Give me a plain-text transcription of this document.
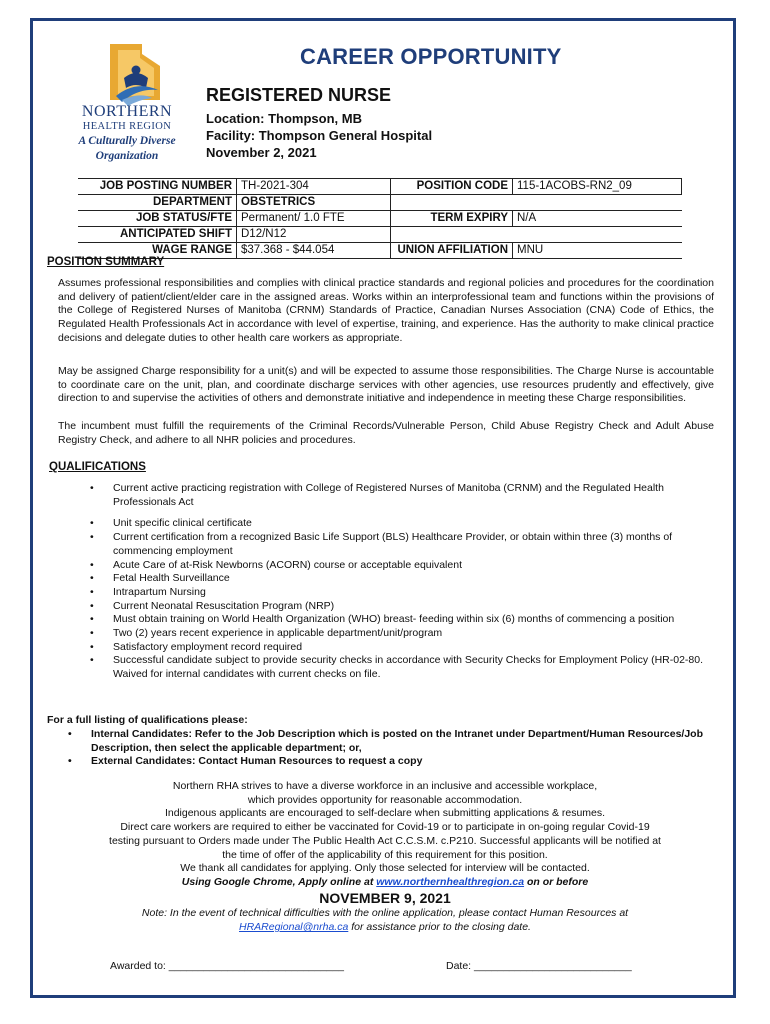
NORTHERN
HEALTH REGION
A Culturally Diverse
Organization
CAREER OPPORTUNITY
REGISTERED NURSE
Location: Thompson, MB
Facility: Thompson General Hospital
November 2, 2021
JOB POSTING NUMBER	TH-2021-304	POSITION CODE	115-1ACOBS-RN2_09
DEPARTMENT	OBSTETRICS		
JOB STATUS/FTE	Permanent/ 1.0 FTE	TERM EXPIRY	N/A
ANTICIPATED SHIFT	D12/N12		
WAGE RANGE	$37.368 - $44.054	UNION AFFILIATION	MNU
POSITION SUMMARY
Assumes professional responsibilities and complies with clinical practice standards and regional policies and procedures for the coordination and delivery of patient/client/elder care in the assigned areas. Works within an interprofessional team and functions within the provisions of the College of Registered Nurses of Manitoba (CRNM) Standards of Practice, Canadian Nurses Association (CNA) Code of Ethics, the Regulated Health Professionals Act in accordance with level of expertise, training, and experience. Has the authority to make clinical practice decisions and delegate duties to other health care workers as appropriate.
May be assigned Charge responsibility for a unit(s) and will be expected to assume those responsibilities. The Charge Nurse is accountable to coordinate care on the unit, plan, and coordinate discharge services with other agencies, use resources prudently and effectively, give direction to and supervise the activities of others and demonstrate initiative and independence in meeting these Charge responsibilities.
The incumbent must fulfill the requirements of the Criminal Records/Vulnerable Person, Child Abuse Registry Check and Adult Abuse Registry Check, and adhere to all NHR policies and procedures.
QUALIFICATIONS
• Current active practicing registration with College of Registered Nurses of Manitoba (CRNM) and the Regulated Health Professionals Act
• Unit specific clinical certificate
• Current certification from a recognized Basic Life Support (BLS) Healthcare Provider, or obtain within three (3) months of commencing employment
• Acute Care of at-Risk Newborns (ACORN) course or acceptable equivalent
• Fetal Health Surveillance
• Intrapartum Nursing
• Current Neonatal Resuscitation Program (NRP)
• Must obtain training on World Health Organization (WHO) breast- feeding within six (6) months of commencing a position
• Two (2) years recent experience in applicable department/unit/program
• Satisfactory employment record required
• Successful candidate subject to provide security checks in accordance with Security Checks for Employment Policy (HR-02-80. Waived for internal candidates with current checks on file.
For a full listing of qualifications please:
• Internal Candidates: Refer to the Job Description which is posted on the Intranet under Department/Human Resources/Job Description, then select the applicable department; or,
• External Candidates: Contact Human Resources to request a copy
Northern RHA strives to have a diverse workforce in an inclusive and accessible workplace,
which provides opportunity for reasonable accommodation.
Indigenous applicants are encouraged to self-declare when submitting applications & resumes.
Direct care workers are required to either be vaccinated for Covid-19 or to participate in on-going regular Covid-19
testing pursuant to Orders made under The Public Health Act C.C.S.M. c.P210. Successful applicants will be notified at
the time of offer of the applicability of this requirement for this position.
We thank all candidates for applying. Only those selected for interview will be contacted.
Using Google Chrome, Apply online at www.northernhealthregion.ca on or before
NOVEMBER 9, 2021
Note: In the event of technical difficulties with the online application, please contact Human Resources at
HRARegional@nrha.ca for assistance prior to the closing date.
Awarded to: ______________________________	Date: ___________________________
